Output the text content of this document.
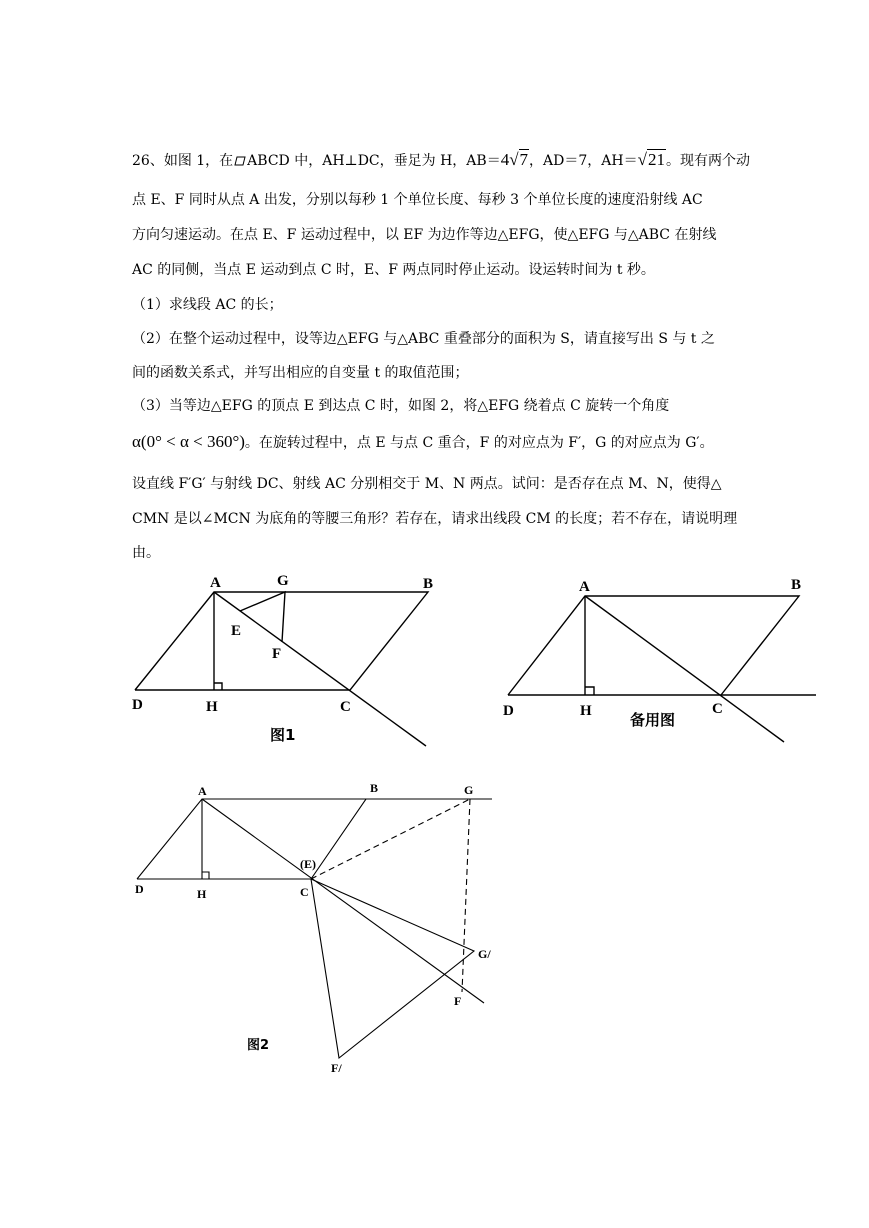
26、如图 1，在 ABCD 中，AH⊥DC，垂足为 H，AB＝4√7，AD＝7，AH＝√21。现有两个动
点 E、F 同时从点 A 出发，分别以每秒 1 个单位长度、每秒 3 个单位长度的速度沿射线 AC
方向匀速运动。在点 E、F 运动过程中，以 EF 为边作等边△EFG，使△EFG 与△ABC 在射线
AC 的同侧，当点 E 运动到点 C 时，E、F 两点同时停止运动。设运转时间为 t 秒。
（1）求线段 AC 的长；
（2）在整个运动过程中，设等边△EFG 与△ABC 重叠部分的面积为 S，请直接写出 S 与 t 之
间的函数关系式，并写出相应的自变量 t 的取值范围；
（3）当等边△EFG 的顶点 E 到达点 C 时，如图 2，将△EFG 绕着点 C 旋转一个角度
α(0° < α < 360°)。在旋转过程中，点 E 与点 C 重合，F 的对应点为 F′，G 的对应点为 G′。
设直线 F′G′ 与射线 DC、射线 AC 分别相交于 M、N 两点。试问：是否存在点 M、N，使得△
CMN 是以∠MCN 为底角的等腰三角形？若存在，请求出线段 CM 的长度；若不存在，请说明理
由。
A	G	B
E
F
D	H	C
图1
A	B
D	H	C
备用图
A	B	G
(E)
D	H	C
G/
F
F/
图2
